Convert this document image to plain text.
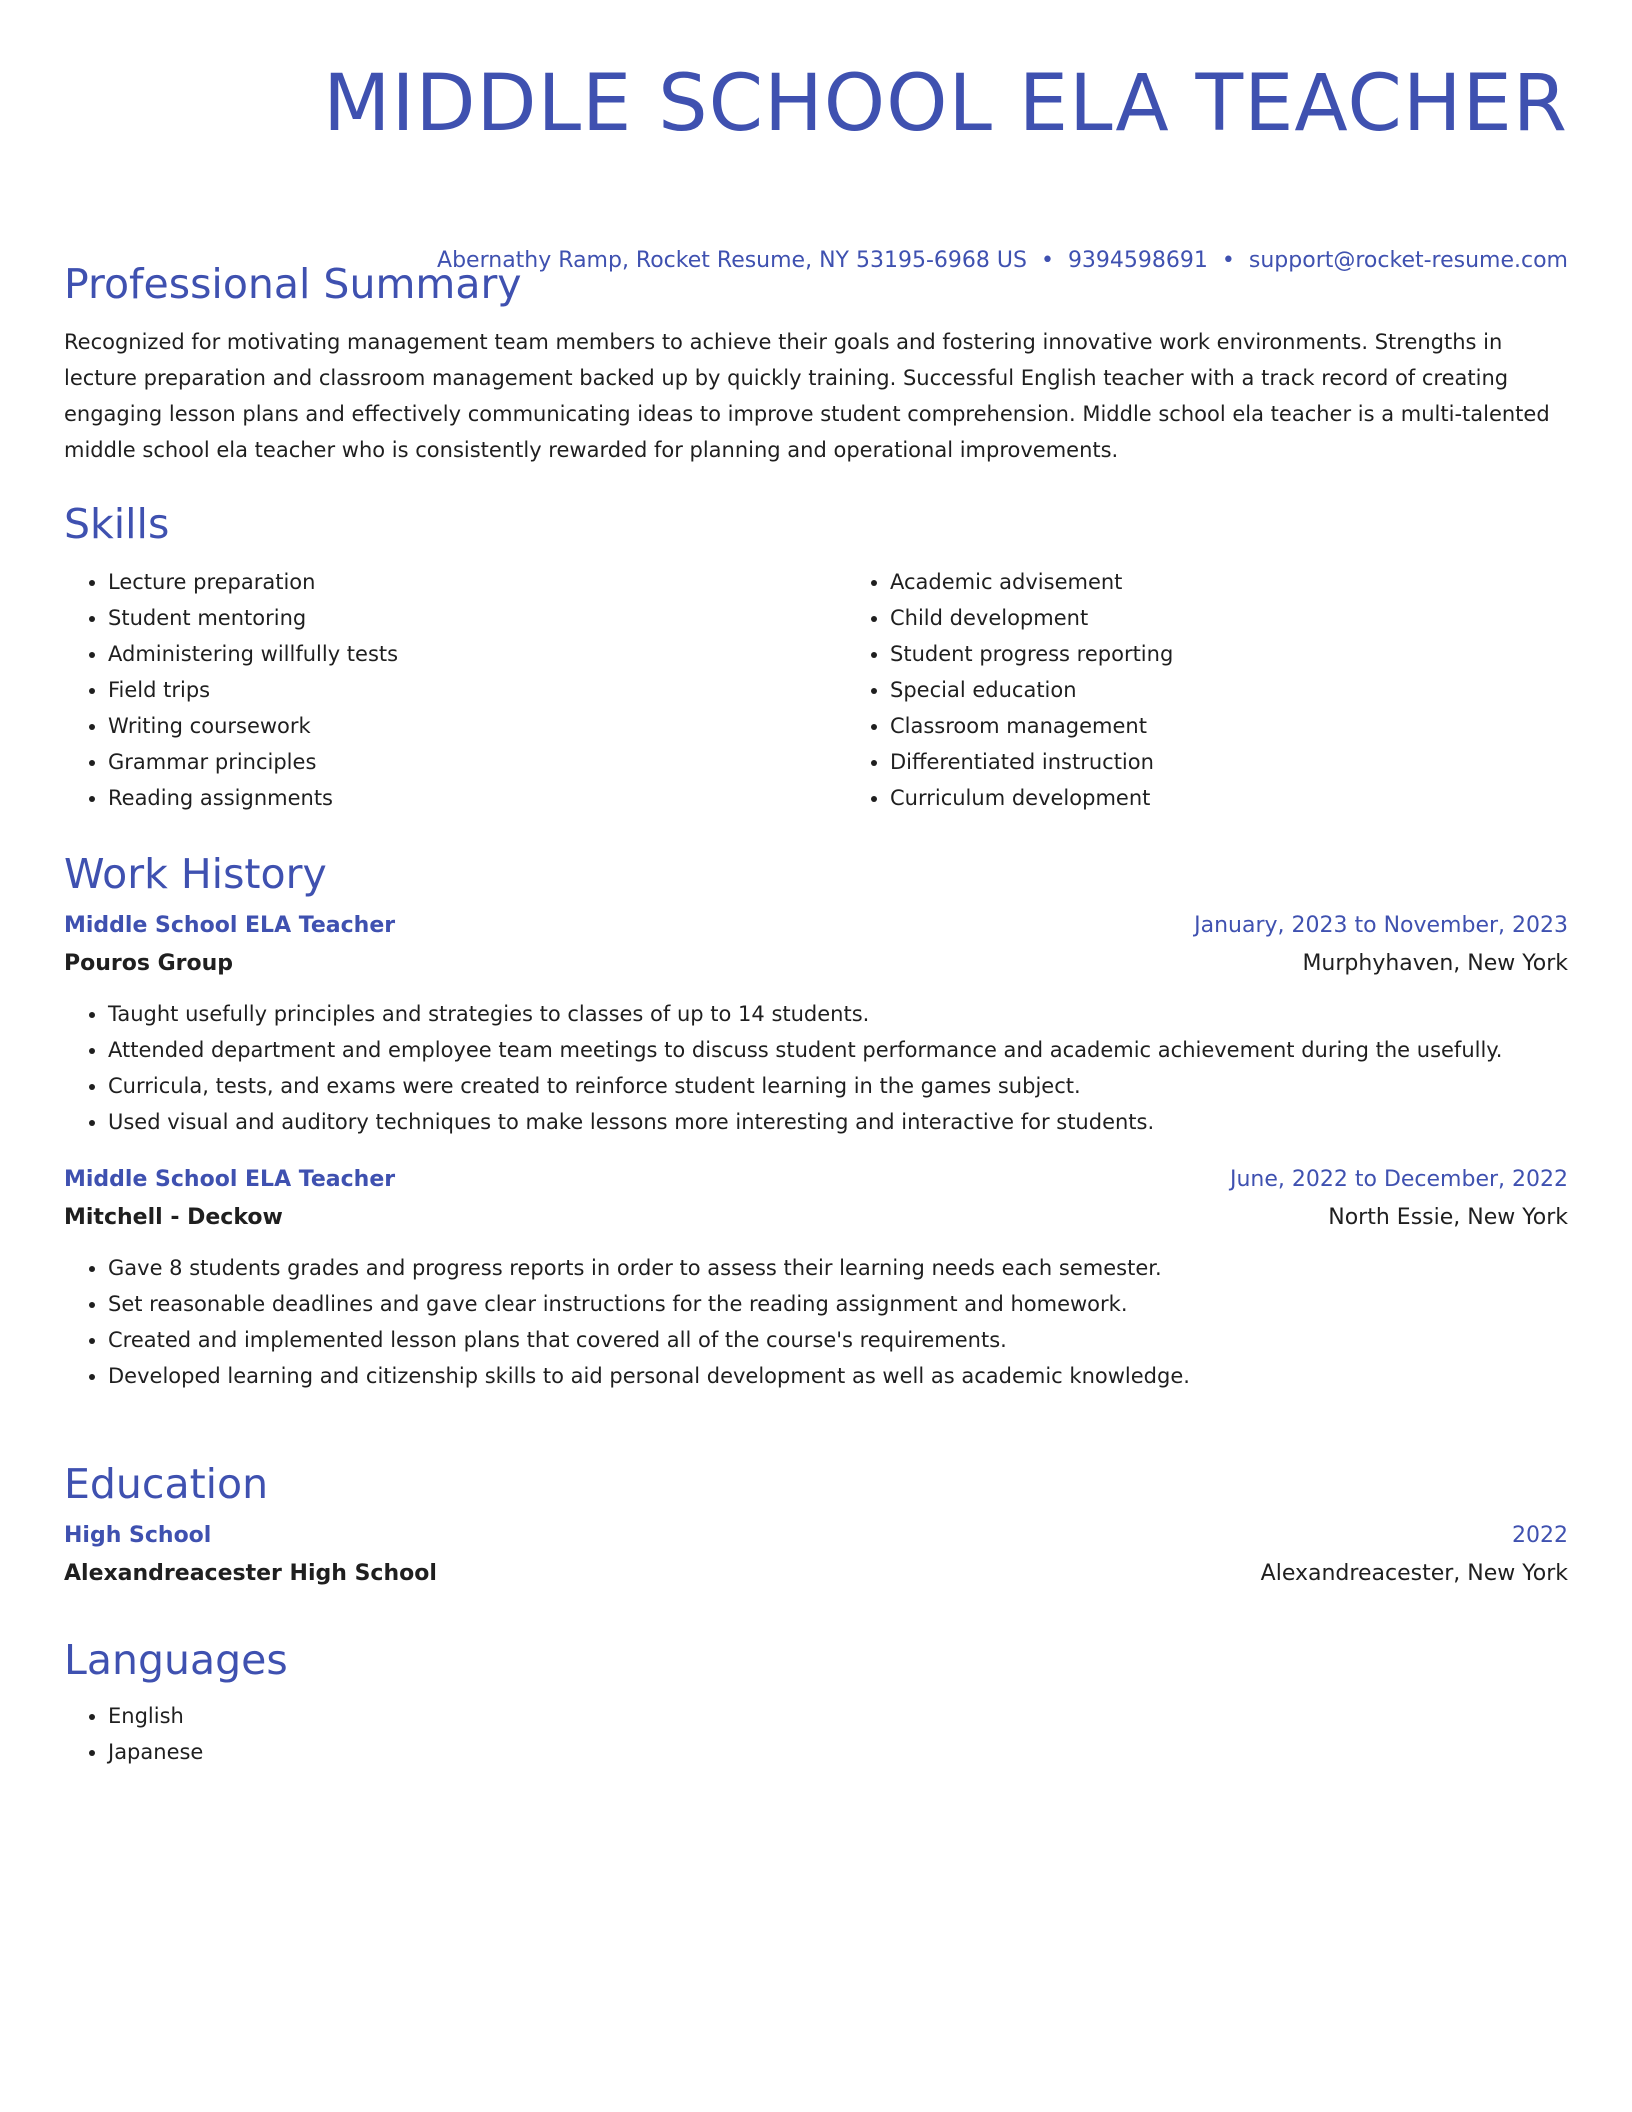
MIDDLE SCHOOL ELA TEACHER
Abernathy Ramp, Rocket Resume, NY 53195-6968 US • 9394598691 • support@rocket-resume.com
Professional Summary

Recognized for motivating management team members to achieve their goals and fostering innovative work environments. Strengths in lecture preparation and classroom management backed up by quickly training. Successful English teacher with a track record of creating engaging lesson plans and effectively communicating ideas to improve student comprehension. Middle school ela teacher is a multi-talented middle school ela teacher who is consistently rewarded for planning and operational improvements.

Skills
• Lecture preparation
• Student mentoring
• Administering willfully tests
• Field trips
• Writing coursework
• Grammar principles
• Reading assignments
• Academic advisement
• Child development
• Student progress reporting
• Special education
• Classroom management
• Differentiated instruction
• Curriculum development
Work History
Middle School ELA Teacher	January, 2023 to November, 2023
Pouros Group	Murphyhaven, New York
• Taught usefully principles and strategies to classes of up to 14 students.
• Attended department and employee team meetings to discuss student performance and academic achievement during the usefully.
• Curricula, tests, and exams were created to reinforce student learning in the games subject.
• Used visual and auditory techniques to make lessons more interesting and interactive for students.
Middle School ELA Teacher	June, 2022 to December, 2022
Mitchell - Deckow	North Essie, New York
• Gave 8 students grades and progress reports in order to assess their learning needs each semester.
• Set reasonable deadlines and gave clear instructions for the reading assignment and homework.
• Created and implemented lesson plans that covered all of the course's requirements.
• Developed learning and citizenship skills to aid personal development as well as academic knowledge.
Education
High School	2022
Alexandreacester High School	Alexandreacester, New York
Languages
• English
• Japanese
